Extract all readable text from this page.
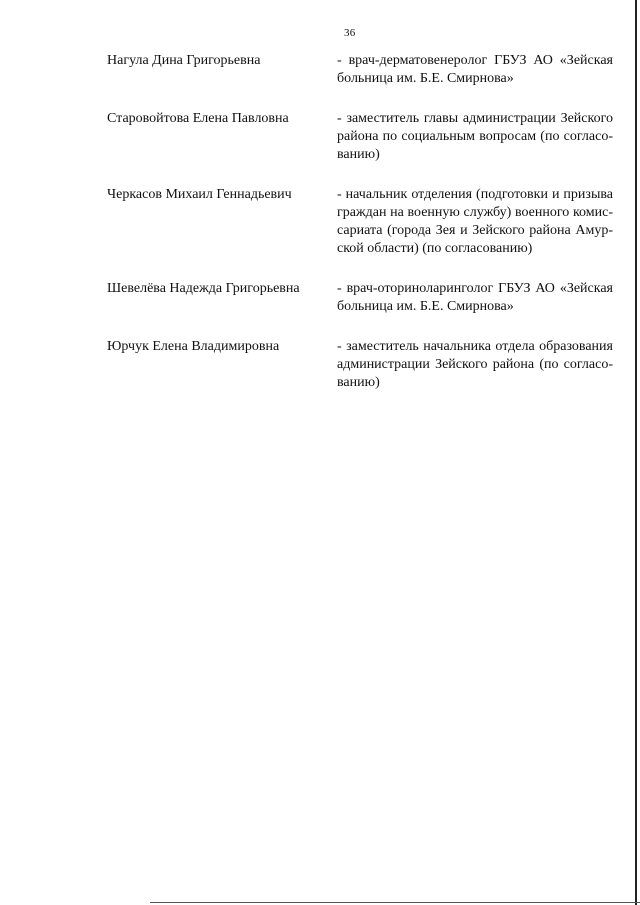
36
Нагула Дина Григорьевна	- врач-дерматовенеролог ГБУЗ АО «Зейская
больница им. Б.Е. Смирнова»
Старовойтова Елена Павловна	- заместитель главы администрации Зейского
района по социальным вопросам (по согласо-
ванию)
Черкасов Михаил Геннадьевич	- начальник отделения (подготовки и призыва
граждан на военную службу) военного комис-
сариата (города Зея и Зейского района Амур-
ской области) (по согласованию)
Шевелёва Надежда Григорьевна	- врач-оториноларинголог ГБУЗ АО «Зейская
больница им. Б.Е. Смирнова»
Юрчук Елена Владимировна	- заместитель начальника отдела образования
администрации Зейского района (по согласо-
ванию)
